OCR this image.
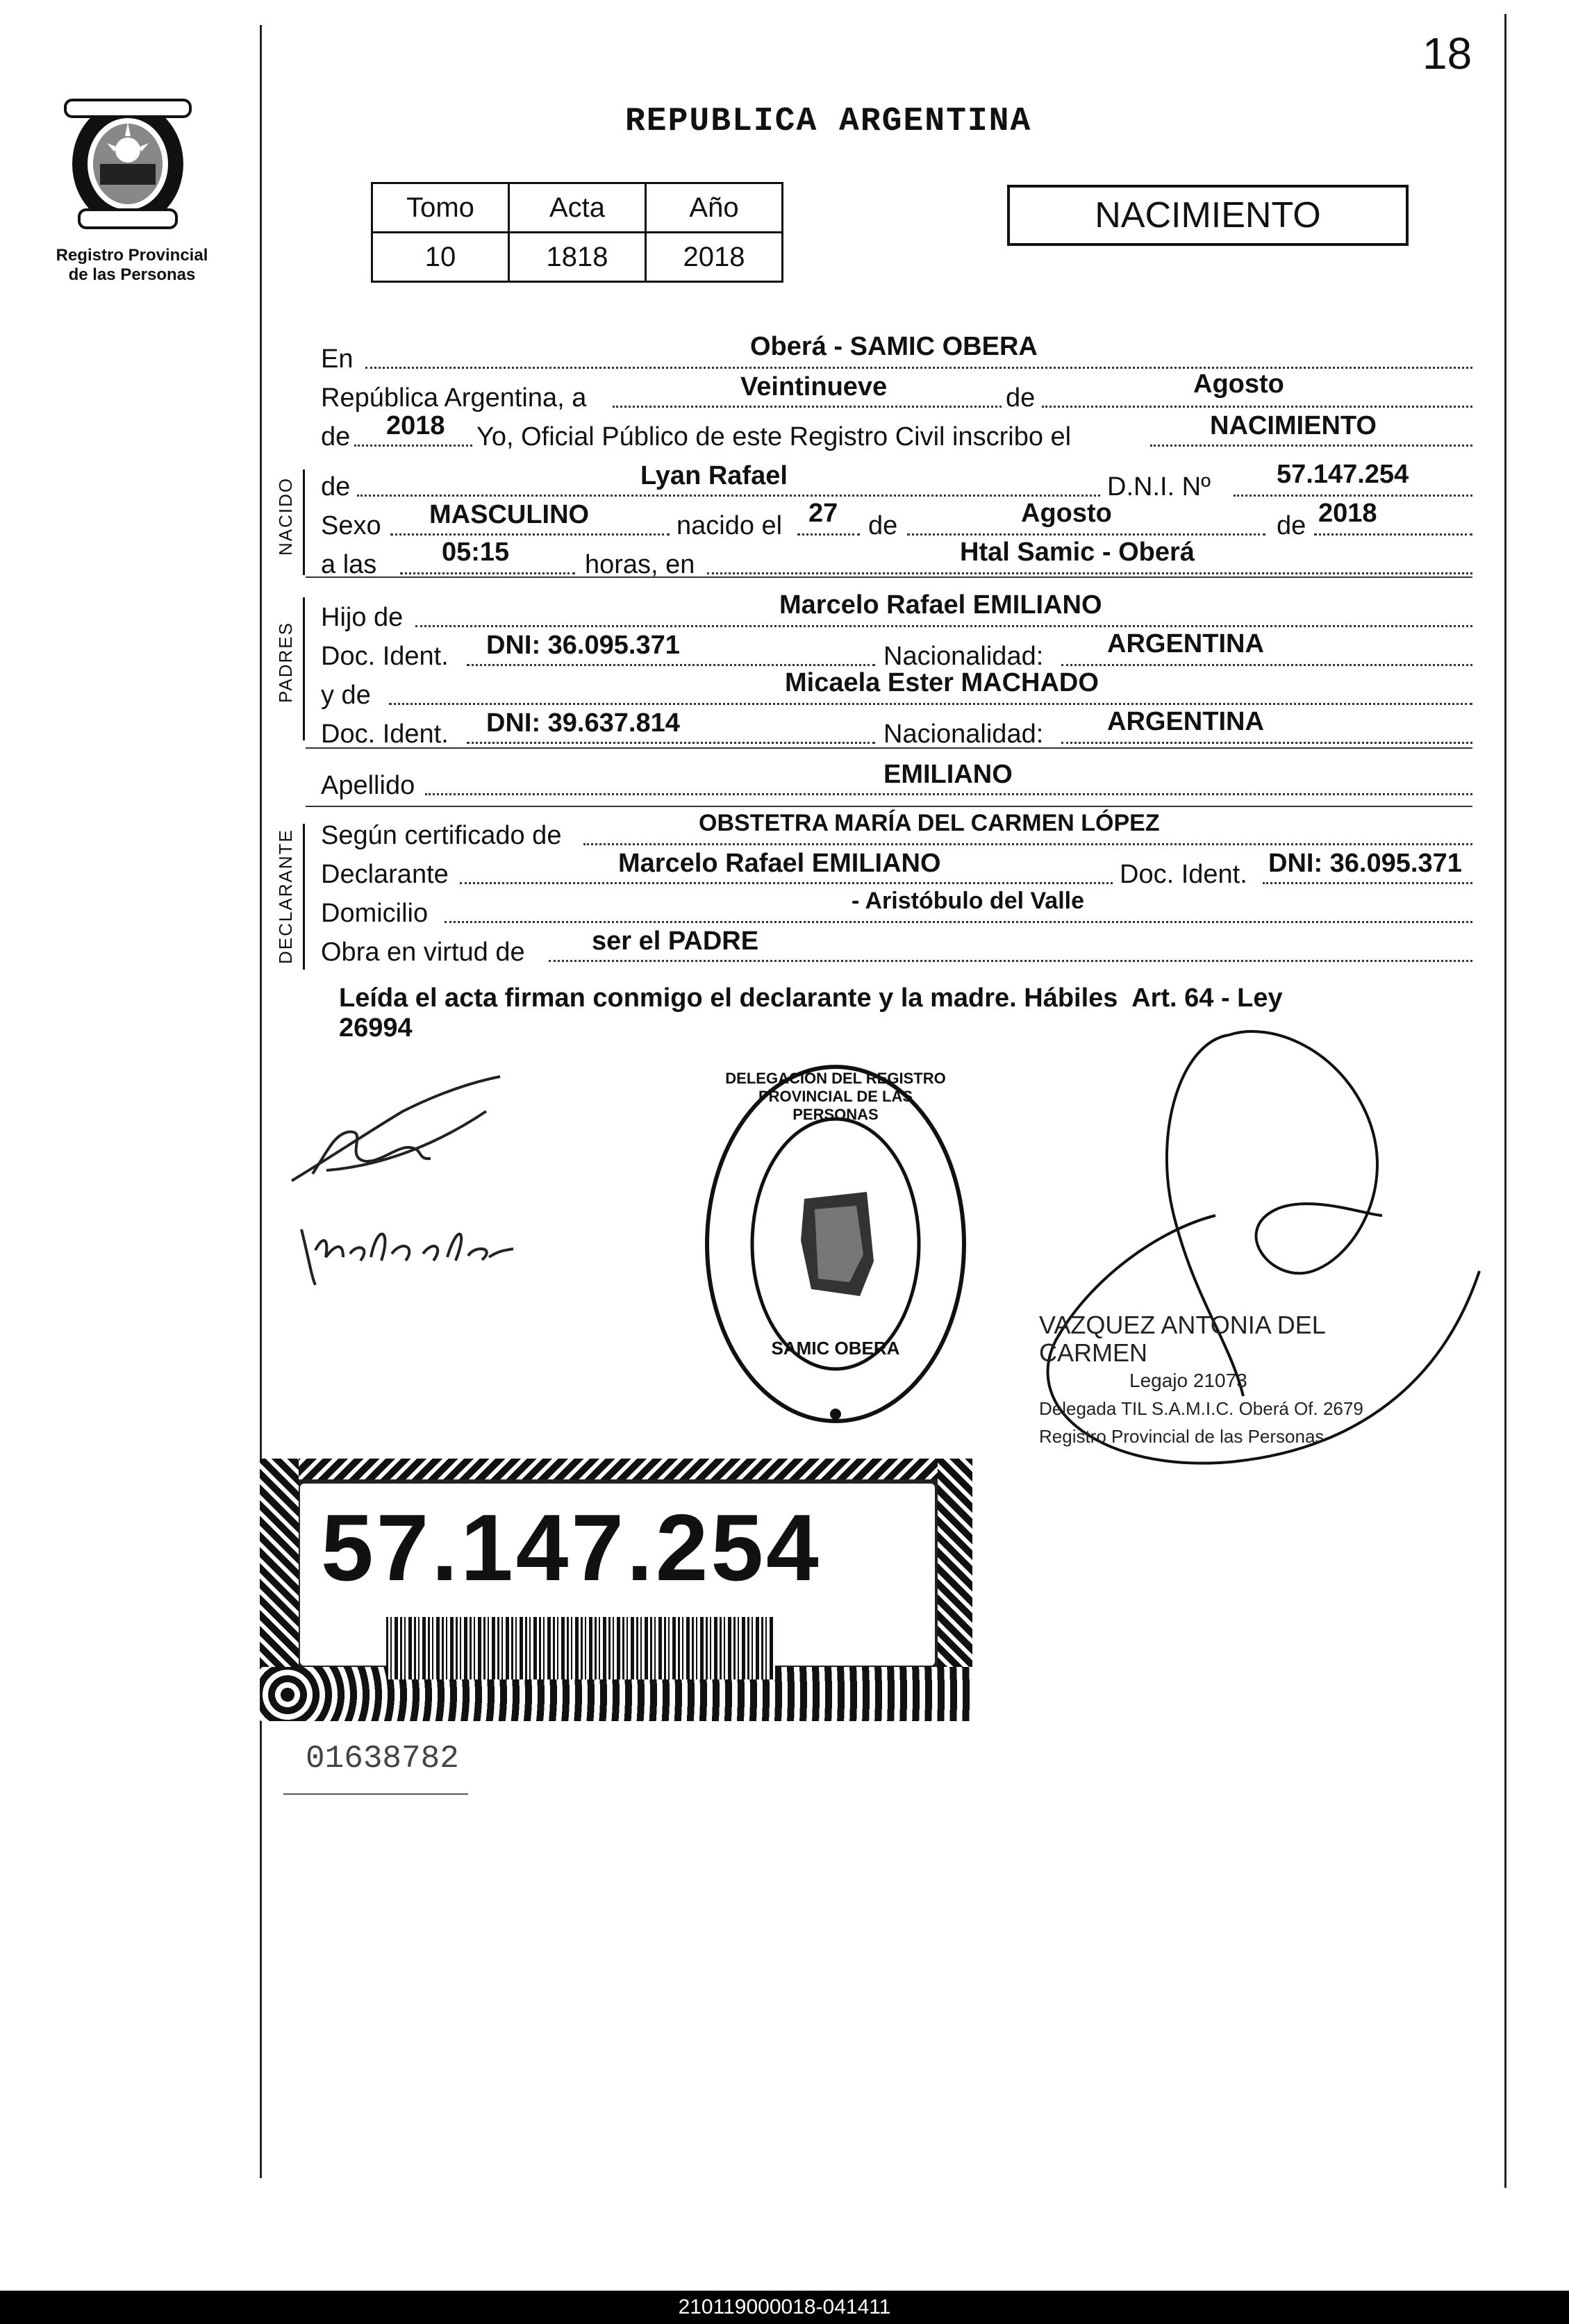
18
Registro Provincial
de las Personas
REPUBLICA ARGENTINA
Tomo	Acta	Año
10	1818	2018
NACIMIENTO
En	Oberá - SAMIC OBERA
República Argentina, a	Veintinueve	de	Agosto
de 2018 Yo, Oficial Público de este Registro Civil inscribo el	NACIMIENTO
NACIDO de	Lyan Rafael	D.N.I. Nº	57.147.254
Sexo MASCULINO	nacido el 27 de	Agosto	de 2018
a las 05:15	horas, en	Htal Samic - Oberá
PADRES
Hijo de	Marcelo Rafael EMILIANO
Doc. Ident. DNI: 36.095.371	Nacionalidad: ARGENTINA
y de	Micaela Ester MACHADO
Doc. Ident. DNI: 39.637.814	Nacionalidad: ARGENTINA
Apellido	EMILIANO
DECLARANTE Según certificado de	OBSTETRA MARÍA DEL CARMEN LÓPEZ
Declarante	Marcelo Rafael EMILIANO	Doc. Ident. DNI: 36.095.371
Domicilio	- Aristóbulo del Valle
Obra en virtud de	ser el PADRE
Leída el acta firman conmigo el declarante y la madre. Hábiles  Art. 64 - Ley
26994
DELEGACIÓN DEL REGISTRO PROVINCIAL DE LAS PERSONAS
SAMIC OBERA
VAZQUEZ ANTONIA DEL CARMEN
Legajo 21073
Delegada TIL S.A.M.I.C. Oberá Of. 2679
Registro Provincial de las Personas
57.147.254
01638782
210119000018-041411
